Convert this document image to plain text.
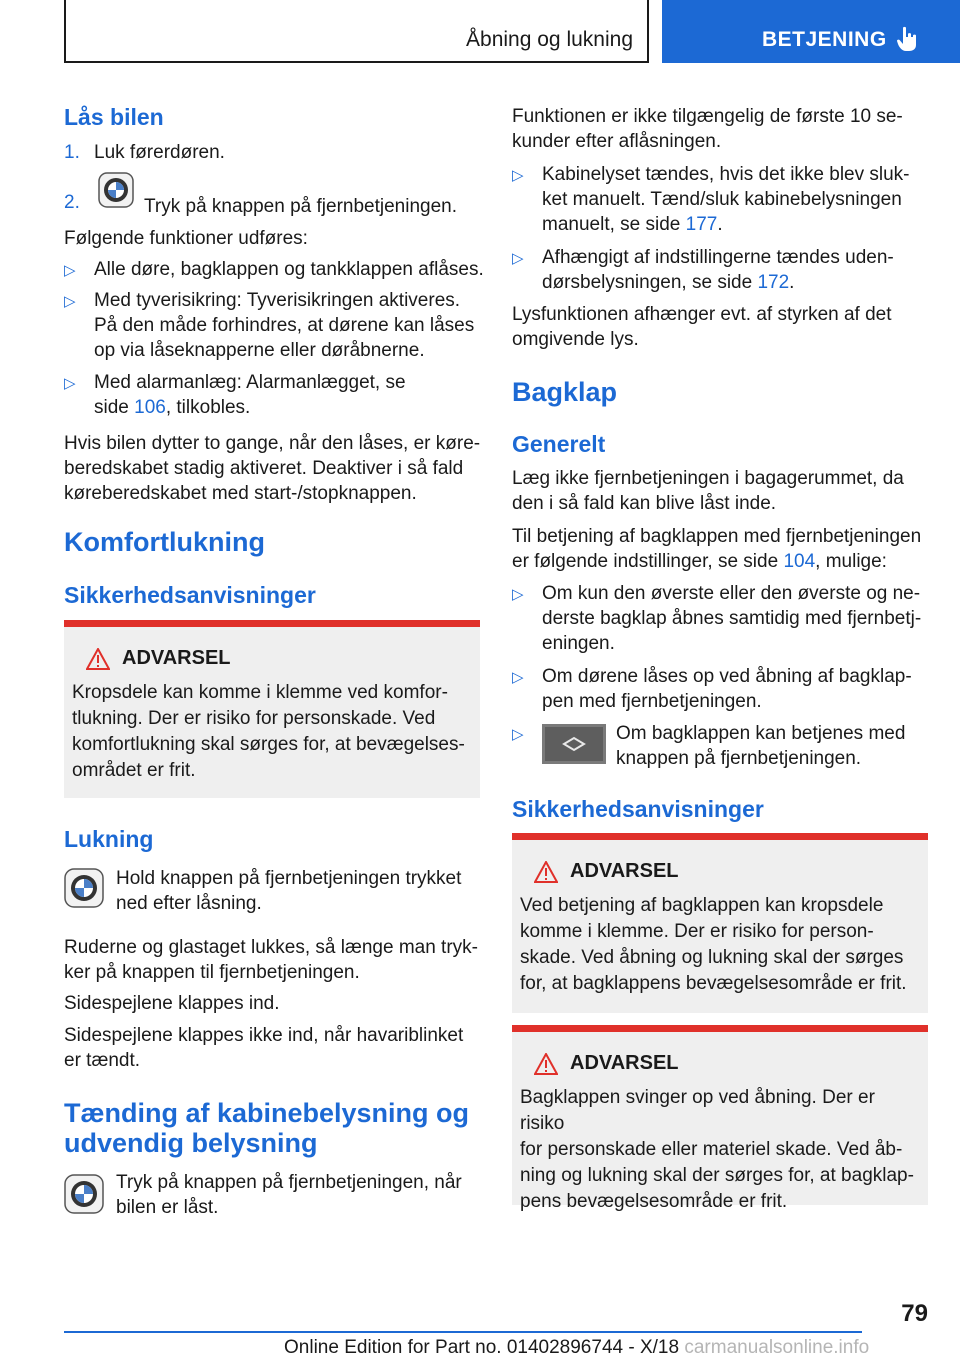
Åbning og lukning	BETJENING
Lås bilen
1. Luk førerdøren.
2.	Tryk på knappen på fjernbetjeningen.
Følgende funktioner udføres:
▷ Alle døre, bagklappen og tankklappen aflåses.
▷ Med tyverisikring: Tyverisikringen aktiveres.
På den måde forhindres, at dørene kan låses
op via låseknapperne eller døråbnerne.
▷ Med alarmanlæg: Alarmanlægget, se
side 106, tilkobles.
Hvis bilen dytter to gange, når den låses, er køre-
beredskabet stadig aktiveret. Deaktiver i så fald
køreberedskabet med start-/stopknappen.
Komfortlukning
Sikkerhedsanvisninger
ADVARSEL
Kropsdele kan komme i klemme ved komfor-
tlukning. Der er risiko for personskade. Ved
komfortlukning skal sørges for, at bevægelses-
området er frit.
Lukning
Hold knappen på fjernbetjeningen trykket
ned efter låsning.
Ruderne og glastaget lukkes, så længe man tryk-
ker på knappen til fjernbetjeningen.
Sidespejlene klappes ind.
Sidespejlene klappes ikke ind, når havariblinket
er tændt.
Tænding af kabinebelysning og
udvendig belysning
Tryk på knappen på fjernbetjeningen, når
bilen er låst.
Funktionen er ikke tilgængelig de første 10 se-
kunder efter aflåsningen.
▷ Kabinelyset tændes, hvis det ikke blev sluk-
ket manuelt. Tænd/sluk kabinebelysningen
manuelt, se side 177.
▷ Afhængigt af indstillingerne tændes uden-
dørsbelysningen, se side 172.
Lysfunktionen afhænger evt. af styrken af det
omgivende lys.
Bagklap
Generelt
Læg ikke fjernbetjeningen i bagagerummet, da
den i så fald kan blive låst inde.
Til betjening af bagklappen med fjernbetjeningen
er følgende indstillinger, se side 104, mulige:
▷ Om kun den øverste eller den øverste og ne-
derste bagklap åbnes samtidig med fjernbetj-
eningen.
▷ Om dørene låses op ved åbning af bagklap-
pen med fjernbetjeningen.
▷	Om bagklappen kan betjenes med
knappen på fjernbetjeningen.
Sikkerhedsanvisninger
ADVARSEL
Ved betjening af bagklappen kan kropsdele
komme i klemme. Der er risiko for person-
skade. Ved åbning og lukning skal der sørges
for, at bagklappens bevægelsesområde er frit.
ADVARSEL
Bagklappen svinger op ved åbning. Der er risiko
for personskade eller materiel skade. Ved åb-
ning og lukning skal der sørges for, at bagklap-
pens bevægelsesområde er frit.
79
Online Edition for Part no. 01402896744 - X/18 carmanualsonline.info
